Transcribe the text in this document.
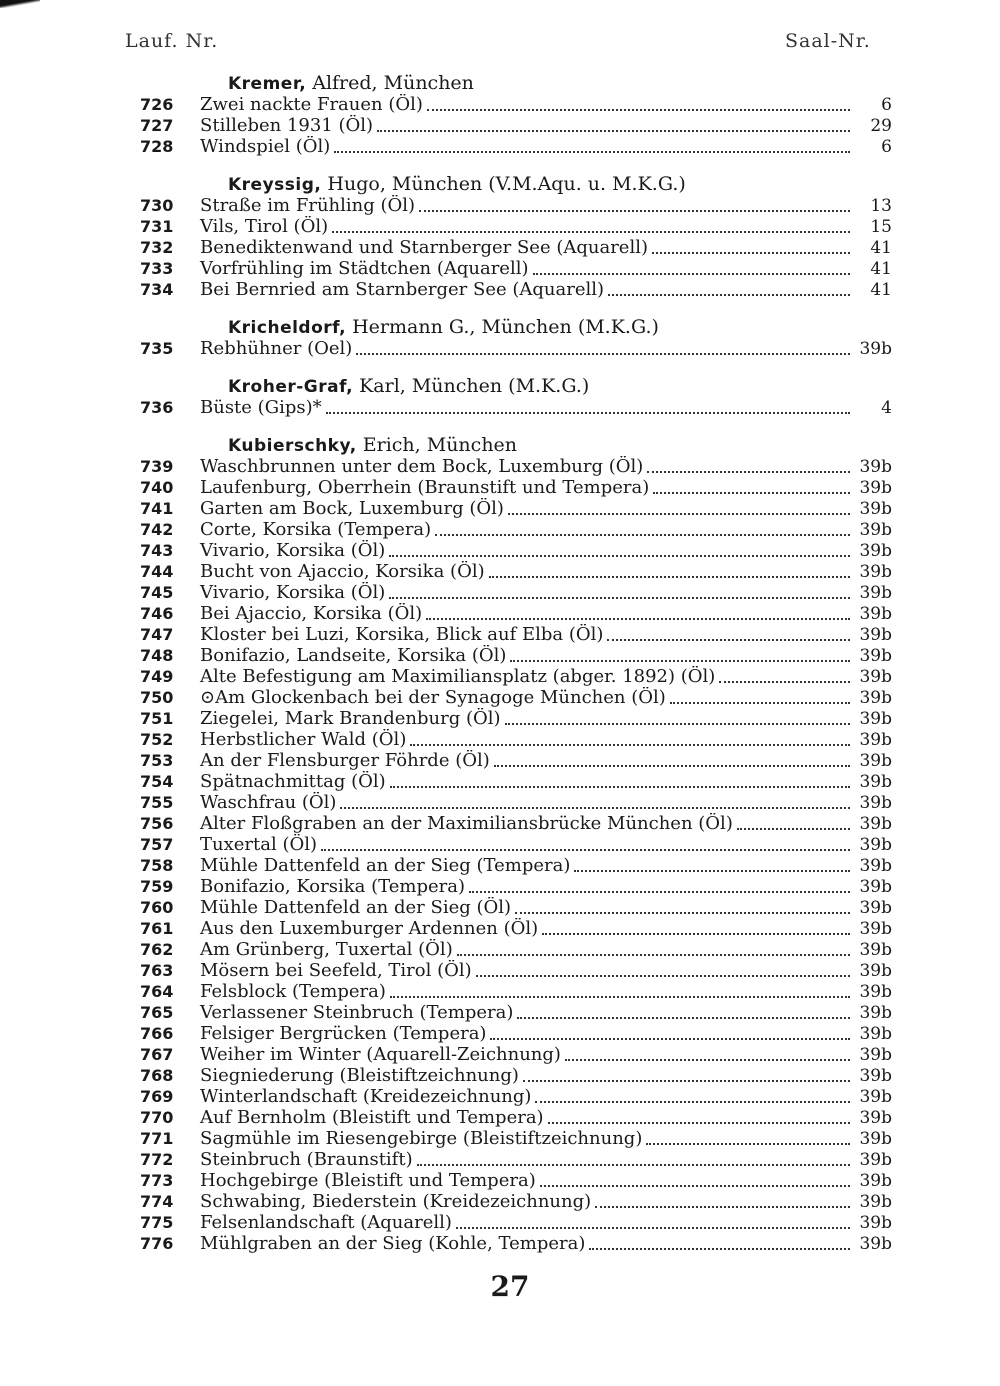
Lauf. Nr.	Saal-Nr.
Kremer, Alfred, München
726	Zwei nackte Frauen (Öl)	6
727	Stilleben 1931 (Öl)	29
728	Windspiel (Öl)	6
Kreyssig, Hugo, München (V.M.Aqu. u. M.K.G.)
730	Straße im Frühling (Öl)	13
731	Vils, Tirol (Öl)	15
732	Benediktenwand und Starnberger See (Aquarell)	41
733	Vorfrühling im Städtchen (Aquarell)	41
734	Bei Bernried am Starnberger See (Aquarell)	41
Kricheldorf, Hermann G., München (M.K.G.)
735	Rebhühner (Oel)	39b
Kroher-Graf, Karl, München (M.K.G.)
736	Büste (Gips)*	4
Kubierschky, Erich, München
739	Waschbrunnen unter dem Bock, Luxemburg (Öl)	39b
740	Laufenburg, Oberrhein (Braunstift und Tempera)	39b
741	Garten am Bock, Luxemburg (Öl)	39b
742	Corte, Korsika (Tempera)	39b
743	Vivario, Korsika (Öl)	39b
744	Bucht von Ajaccio, Korsika (Öl)	39b
745	Vivario, Korsika (Öl)	39b
746	Bei Ajaccio, Korsika (Öl)	39b
747	Kloster bei Luzi, Korsika, Blick auf Elba (Öl)	39b
748	Bonifazio, Landseite, Korsika (Öl)	39b
749	Alte Befestigung am Maximiliansplatz (abger. 1892) (Öl)	39b
750	⊙Am Glockenbach bei der Synagoge München (Öl)	39b
751	Ziegelei, Mark Brandenburg (Öl)	39b
752	Herbstlicher Wald (Öl)	39b
753	An der Flensburger Föhrde (Öl)	39b
754	Spätnachmittag (Öl)	39b
755	Waschfrau (Öl)	39b
756	Alter Floßgraben an der Maximiliansbrücke München (Öl)	39b
757	Tuxertal (Öl)	39b
758	Mühle Dattenfeld an der Sieg (Tempera)	39b
759	Bonifazio, Korsika (Tempera)	39b
760	Mühle Dattenfeld an der Sieg (Öl)	39b
761	Aus den Luxemburger Ardennen (Öl)	39b
762	Am Grünberg, Tuxertal (Öl)	39b
763	Mösern bei Seefeld, Tirol (Öl)	39b
764	Felsblock (Tempera)	39b
765	Verlassener Steinbruch (Tempera)	39b
766	Felsiger Bergrücken (Tempera)	39b
767	Weiher im Winter (Aquarell-Zeichnung)	39b
768	Siegniederung (Bleistiftzeichnung)	39b
769	Winterlandschaft (Kreidezeichnung)	39b
770	Auf Bernholm (Bleistift und Tempera)	39b
771	Sagmühle im Riesengebirge (Bleistiftzeichnung)	39b
772	Steinbruch (Braunstift)	39b
773	Hochgebirge (Bleistift und Tempera)	39b
774	Schwabing, Biederstein (Kreidezeichnung)	39b
775	Felsenlandschaft (Aquarell)	39b
776	Mühlgraben an der Sieg (Kohle, Tempera)	39b
27
